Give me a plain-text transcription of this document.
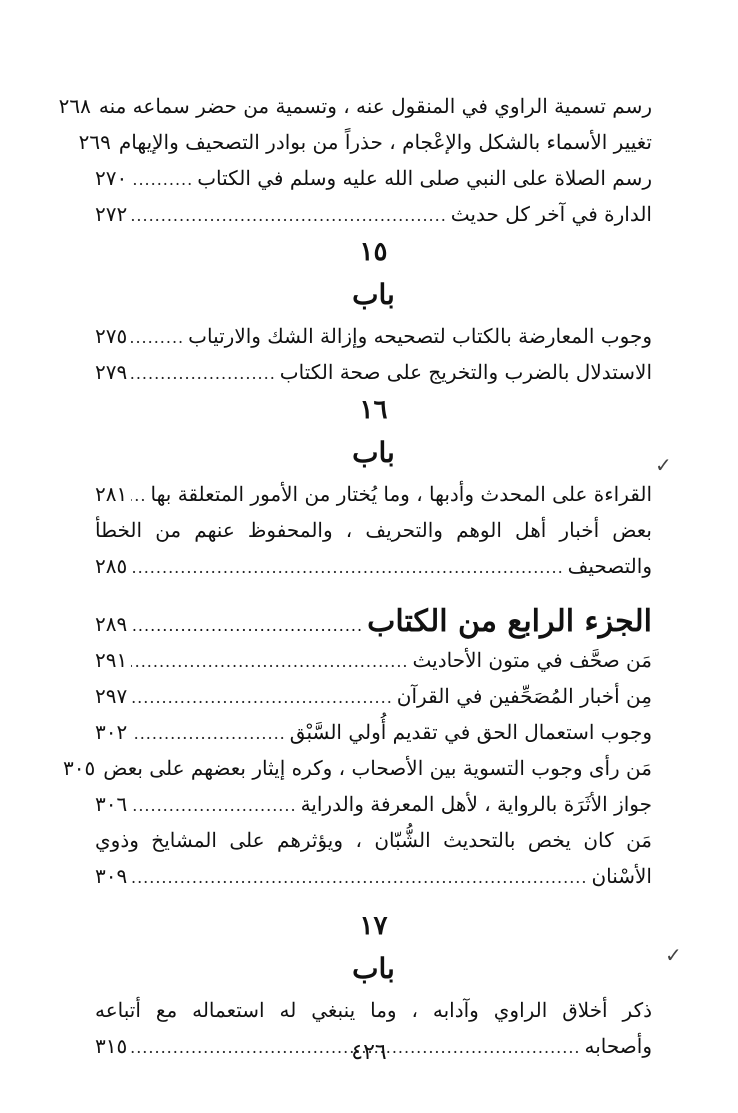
رسم تسمية الراوي في المنقول عنه ، وتسمية من حضر سماعه منه
٢٦٨
تغيير الأسماء بالشكل والإعْجام ، حذراً من بوادر التصحيف والإيهام
٢٦٩
رسم الصلاة على النبي صلى الله عليه وسلم في الكتاب
.....
٢٧٠
الدارة في آخر كل حديث
.....
٢٧٢
١٥
باب
وجوب المعارضة بالكتاب لتصحيحه وإزالة الشك والارتياب
.....
٢٧٥
الاستدلال بالضرب والتخريج على صحة الكتاب
.....
٢٧٩
١٦
باب
القراءة على المحدث وأدبها ، وما يُختار من الأمور المتعلقة بها
.....
٢٨١
بعض أخبار أهل الوهم والتحريف ، والمحفوظ عنهم من الخطأ
والتصحيف
.....
٢٨٥
الجزء الرابع من الكتاب
.....
٢٨٩
مَن صحَّف في متون الأحاديث
.....
٢٩١
مِن أخبار المُصَحِّفين في القرآن
.....
٢٩٧
وجوب استعمال الحق في تقديم أُولي السَّبْق
.....
٣٠٢
مَن رأى وجوب التسوية بين الأصحاب ، وكره إيثار بعضهم على بعض
٣٠٥
جواز الأثَرَة بالرواية ، لأهل المعرفة والدراية
.....
٣٠٦
مَن كان يخص بالتحديث الشُّبّان ، ويؤثرهم على المشايخ وذوي
الأسْنان
.....
٣٠٩
١٧
باب
ذكر أخلاق الراوي وآدابه ، وما ينبغي له استعماله مع أتباعه
وأصحابه
.....
٣١٥
✓
✓
٤٢٦
